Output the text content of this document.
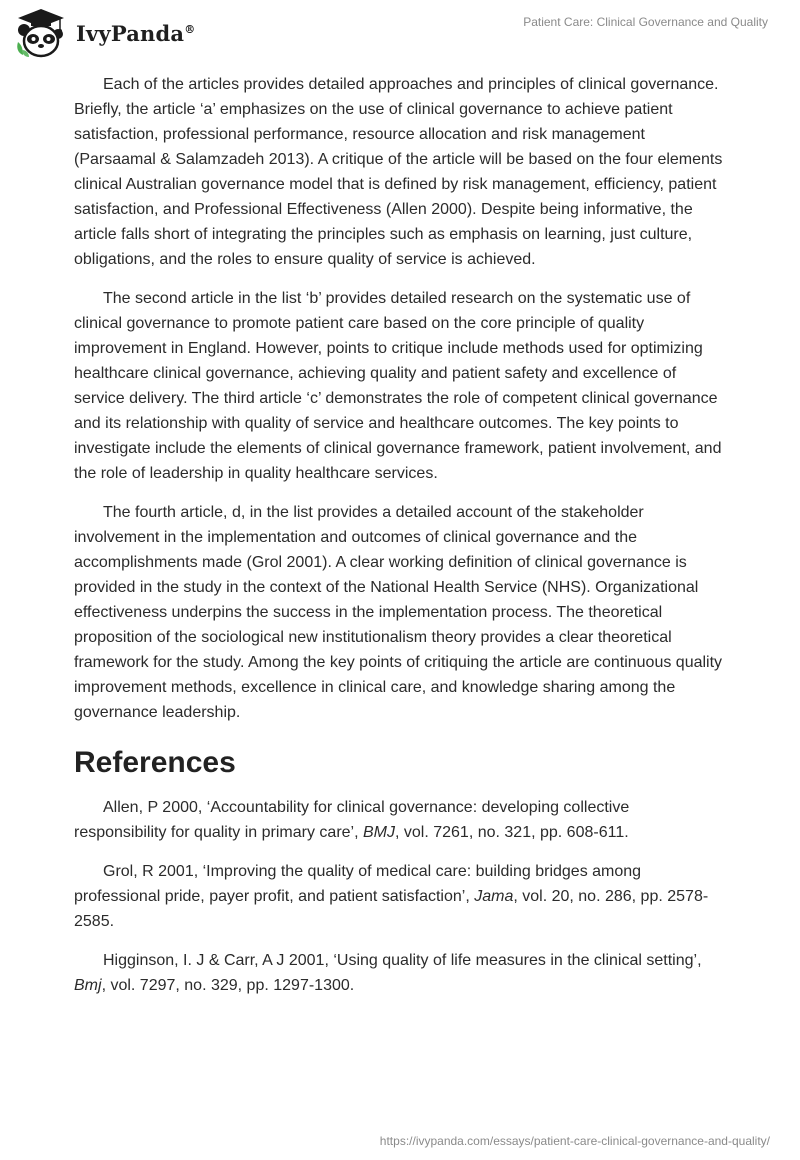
IvyPanda®	Patient Care: Clinical Governance and Quality

Each of the articles provides detailed approaches and principles of clinical governance. Briefly, the article ‘a’ emphasizes on the use of clinical governance to achieve patient satisfaction, professional performance, resource allocation and risk management (Parsaamal & Salamzadeh 2013). A critique of the article will be based on the four elements clinical Australian governance model that is defined by risk management, efficiency, patient satisfaction, and Professional Effectiveness (Allen 2000). Despite being informative, the article falls short of integrating the principles such as emphasis on learning, just culture, obligations, and the roles to ensure quality of service is achieved.

The second article in the list ‘b’ provides detailed research on the systematic use of clinical governance to promote patient care based on the core principle of quality improvement in England. However, points to critique include methods used for optimizing healthcare clinical governance, achieving quality and patient safety and excellence of service delivery. The third article ‘c’ demonstrates the role of competent clinical governance and its relationship with quality of service and healthcare outcomes. The key points to investigate include the elements of clinical governance framework, patient involvement, and the role of leadership in quality healthcare services.

The fourth article, d, in the list provides a detailed account of the stakeholder involvement in the implementation and outcomes of clinical governance and the accomplishments made (Grol 2001). A clear working definition of clinical governance is provided in the study in the context of the National Health Service (NHS). Organizational effectiveness underpins the success in the implementation process. The theoretical proposition of the sociological new institutionalism theory provides a clear theoretical framework for the study. Among the key points of critiquing the article are continuous quality improvement methods, excellence in clinical care, and knowledge sharing among the governance leadership.

References

Allen, P 2000, ‘Accountability for clinical governance: developing collective responsibility for quality in primary care’, BMJ, vol. 7261, no. 321, pp. 608-611.

Grol, R 2001, ‘Improving the quality of medical care: building bridges among professional pride, payer profit, and patient satisfaction’, Jama, vol. 20, no. 286, pp. 2578-2585.

Higginson, I. J & Carr, A J 2001, ‘Using quality of life measures in the clinical setting’, Bmj, vol. 7297, no. 329, pp. 1297-1300.

https://ivypanda.com/essays/patient-care-clinical-governance-and-quality/
